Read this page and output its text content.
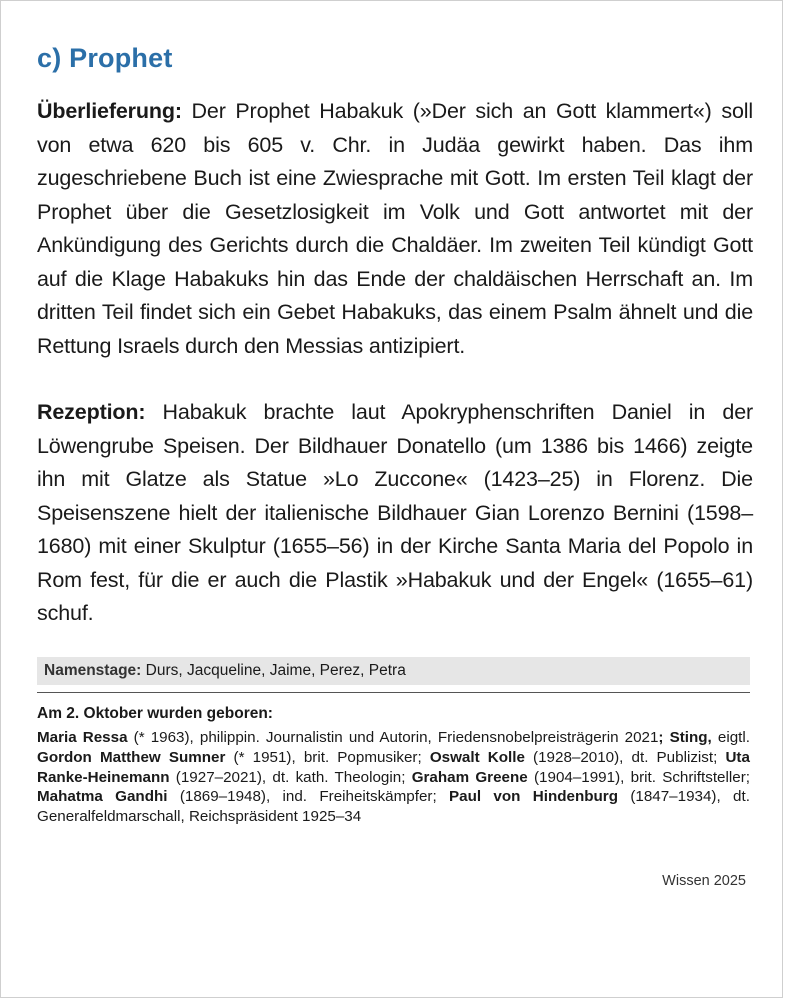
c) Prophet

Überlieferung: Der Prophet Habakuk (»Der sich an Gott klammert«) soll von etwa 620 bis 605 v. Chr. in Judäa gewirkt haben. Das ihm zugeschriebene Buch ist eine Zwiesprache mit Gott. Im ersten Teil klagt der Prophet über die Gesetzlosigkeit im Volk und Gott antwortet mit der Ankündigung des Gerichts durch die Chaldäer. Im zweiten Teil kündigt Gott auf die Klage Habakuks hin das Ende der chaldäischen Herrschaft an. Im dritten Teil findet sich ein Gebet Habakuks, das einem Psalm ähnelt und die Rettung Israels durch den Messias antizipiert.

Rezeption: Habakuk brachte laut Apokryphenschriften Daniel in der Löwengrube Speisen. Der Bildhauer Donatello (um 1386 bis 1466) zeigte ihn mit Glatze als Statue »Lo Zuccone« (1423–25) in Florenz. Die Speisenszene hielt der italienische Bildhauer Gian Lorenzo Bernini (1598–1680) mit einer Skulptur (1655–56) in der Kirche Santa Maria del Popolo in Rom fest, für die er auch die Plastik »Habakuk und der Engel« (1655–61) schuf.

Namenstage: Durs, Jacqueline, Jaime, Perez, Petra

Am 2. Oktober wurden geboren:

Maria Ressa (* 1963), philippin. Journalistin und Autorin, Friedensnobelpreisträgerin 2021; Sting, eigtl. Gordon Matthew Sumner (* 1951), brit. Popmusiker; Oswalt Kolle (1928–2010), dt. Publizist; Uta Ranke-Heinemann (1927–2021), dt. kath. Theologin; Graham Greene (1904–1991), brit. Schriftsteller; Mahatma Gandhi (1869–1948), ind. Freiheitskämpfer; Paul von Hindenburg (1847–1934), dt. Generalfeldmarschall, Reichspräsident 1925–34

Wissen 2025
